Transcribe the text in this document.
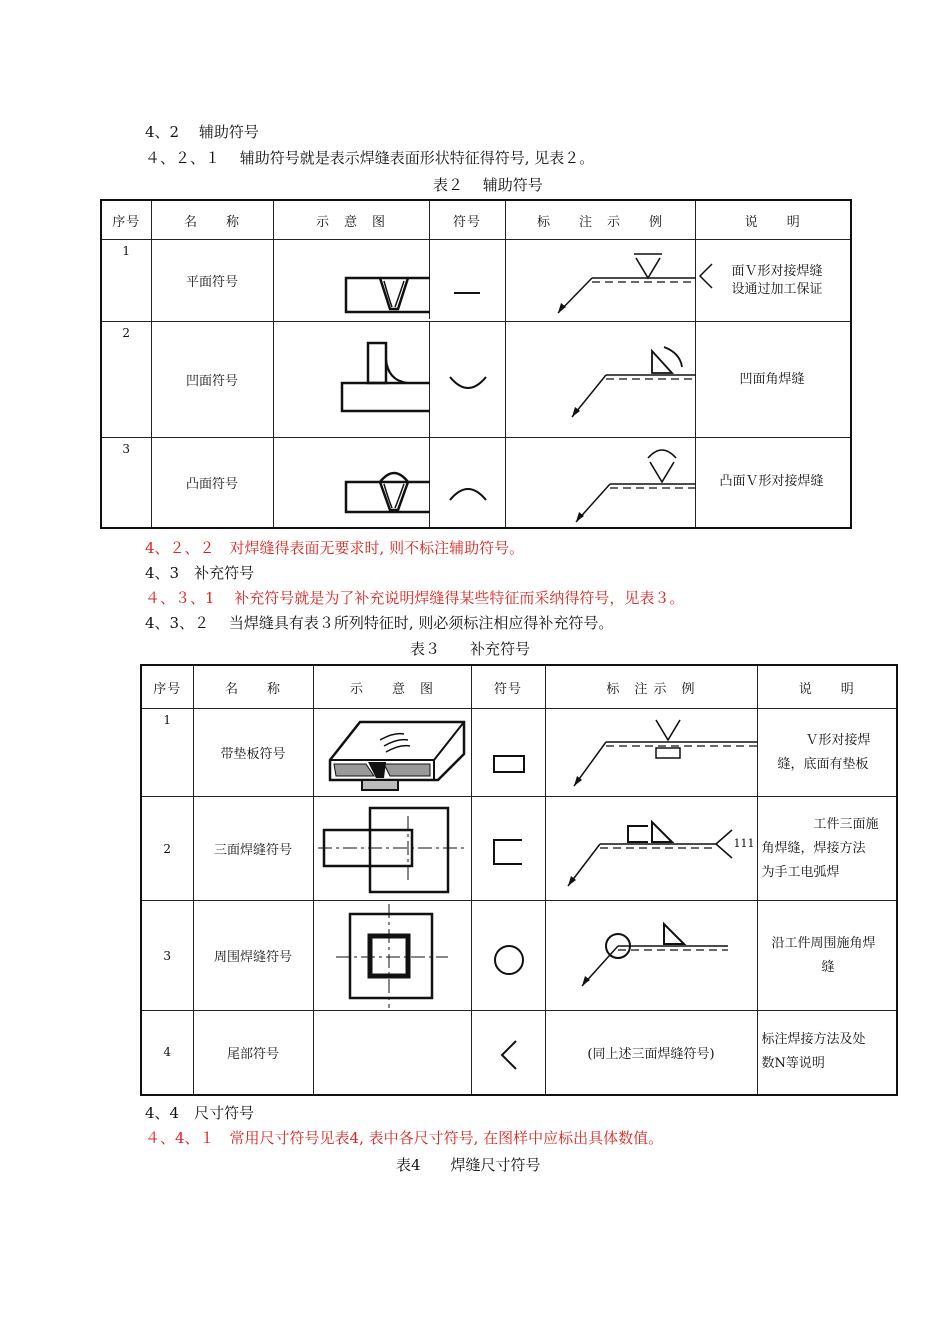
4、2　 辅助符号
４、２、１　 辅助符号就是表示焊缝表面形状特征得符号, 见表２。
表２　 辅助符号
序号	名　　称	示　意　图	符号	标　　注　示　　例	说　　明
1	平面符号				面Ｖ形对接焊缝
设通过加工保证

2	凹面符号				凹面角焊缝

3	凸面符号				凸面Ｖ形对接焊缝
4、２、２　对焊缝得表面无要求时, 则不标注辅助符号。
4、3　补充符号
４、３、1　 补充符号就是为了补充说明焊缝得某些特征而采纳得符号，见表３。
4、3、２　 当焊缝具有表３所列特征时, 则必须标注相应得补充符号。
表３　　补充符号
序号	名　　称	示　　意　图	符号	标　注 示　例	说　　明
1	带垫板符号				Ｖ形对接焊
缝，底面有垫板

2	三面焊缝符号			111	工件三面施
角焊缝，焊接方法
为手工电弧焊

3	周围焊缝符号				沿工件周围施角焊
缝

4	尾部符号			(同上述三面焊缝符号)	标注焊接方法及处
数N等说明
4、4　尺寸符号
４、4、１　常用尺寸符号见表4, 表中各尺寸符号, 在图样中应标出具体数值。
表4　　焊缝尺寸符号
